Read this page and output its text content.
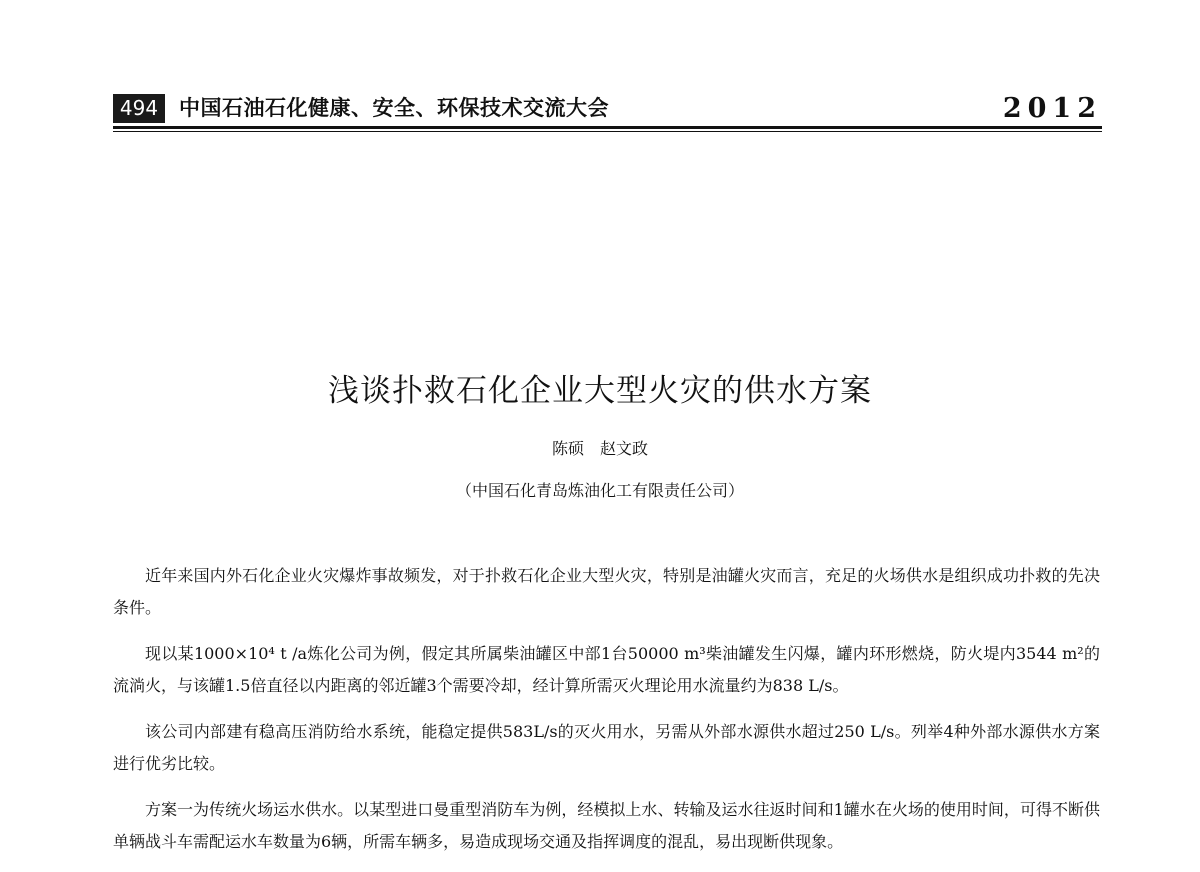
494 中国石油石化健康、安全、环保技术交流大会	2012
浅谈扑救石化企业大型火灾的供水方案
陈硕 赵文政
（中国石化青岛炼油化工有限责任公司）

近年来国内外石化企业火灾爆炸事故频发，对于扑救石化企业大型火灾，特别是油罐火灾而言，充足的火场供水是组织成功扑救的先决条件。

现以某1000×10⁴ t /a炼化公司为例，假定其所属柴油罐区中部1台50000 m³柴油罐发生闪爆，罐内环形燃烧，防火堤内3544 m²的流淌火，与该罐1.5倍直径以内距离的邻近罐3个需要冷却，经计算所需灭火理论用水流量约为838 L/s。

该公司内部建有稳高压消防给水系统，能稳定提供583L/s的灭火用水，另需从外部水源供水超过250 L/s。列举4种外部水源供水方案进行优劣比较。

方案一为传统火场运水供水。以某型进口曼重型消防车为例，经模拟上水、转输及运水往返时间和1罐水在火场的使用时间，可得不断供单辆战斗车需配运水车数量为6辆，所需车辆多，易造成现场交通及指挥调度的混乱，易出现断供现象。
